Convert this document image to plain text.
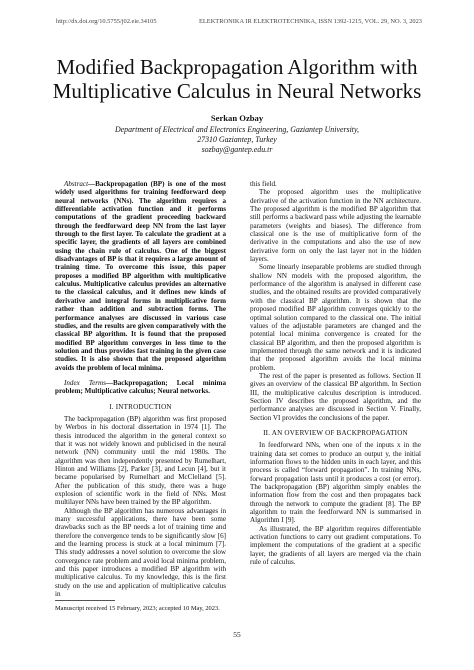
http://dx.doi.org/10.5755/j02.eie.34105	ELEKTRONIKA IR ELEKTROTECHNIKA, ISSN 1392-1215, VOL. 29, NO. 3, 2023
Modified Backpropagation Algorithm with Multiplicative Calculus in Neural Networks
Serkan Ozbay
Department of Electrical and Electronics Engineering, Gaziantep University,
27310 Gaziantep, Turkey
sozbay@gantep.edu.tr

Abstract—Backpropagation (BP) is one of the most widely used algorithms for training feedforward deep neural networks (NNs). The algorithm requires a differentiable activation function and it performs computations of the gradient proceeding backward through the feedforward deep NN from the last layer through to the first layer. To calculate the gradient at a specific layer, the gradients of all layers are combined using the chain rule of calculus. One of the biggest disadvantages of BP is that it requires a large amount of training time. To overcome this issue, this paper proposes a modified BP algorithm with multiplicative calculus. Multiplicative calculus provides an alternative to the classical calculus, and it defines new kinds of derivative and integral forms in multiplicative form rather than addition and subtraction forms. The performance analyses are discussed in various case studies, and the results are given comparatively with the classical BP algorithm. It is found that the proposed modified BP algorithm converges in less time to the solution and thus provides fast training in the given case studies. It is also shown that the proposed algorithm avoids the problem of local minima.

Index Terms—Backpropagation; Local minima problem; Multiplicative calculus; Neural networks.

I. INTRODUCTION

The backpropagation (BP) algorithm was first proposed by Werbos in his doctoral dissertation in 1974 [1]. The thesis introduced the algorithm in the general context so that it was not widely known and publicised in the neural network (NN) community until the mid 1980s. The algorithm was then independently presented by Rumelhart, Hinton and Williams [2], Parker [3], and Lecun [4], but it became popularised by Rumelhart and McClelland [5]. After the publication of this study, there was a huge explosion of scientific work in the field of NNs. Most multilayer NNs have been trained by the BP algorithm.

Although the BP algorithm has numerous advantages in many successful applications, there have been some drawbacks such as the BP needs a lot of training time and therefore the convergence tends to be significantly slow [6] and the learning process is stuck at a local minimum [7]. This study addresses a novel solution to overcome the slow convergence rate problem and avoid local minima problem, and this paper introduces a modified BP algorithm with multiplicative calculus. To my knowledge, this is the first study on the use and application of multiplicative calculus in

this field.

The proposed algorithm uses the multiplicative derivative of the activation function in the NN architecture. The proposed algorithm is the modified BP algorithm that still performs a backward pass while adjusting the learnable parameters (weights and biases). The difference from classical one is the use of multiplicative form of the derivative in the computations and also the use of new derivative form on only the last layer not in the hidden layers.

Some linearly inseparable problems are studied through shallow NN models with the proposed algorithm, the performance of the algorithm is analysed in different case studies, and the obtained results are provided comparatively with the classical BP algorithm. It is shown that the proposed modified BP algorithm converges quickly to the optimal solution compared to the classical one. The initial values of the adjustable parameters are changed and the potential local minima convergence is created for the classical BP algorithm, and then the proposed algorithm is implemented through the same network and it is indicated that the proposed algorithm avoids the local minima problem.

The rest of the paper is presented as follows. Section II gives an overview of the classical BP algorithm. In Section III, the multiplicative calculus description is introduced. Section IV describes the proposed algorithm, and the performance analyses are discussed in Section V. Finally, Section VI provides the conclusions of the paper.

II. AN OVERVIEW OF BACKPROPAGATION

In feedforward NNs, when one of the inputs x in the training data set comes to produce an output y, the initial information flows to the hidden units in each layer, and this process is called “forward propagation”. In training NNs, forward propagation lasts until it produces a cost (or error). The backpropagation (BP) algorithm simply enables the information flow from the cost and then propagates back through the network to compute the gradient [8]. The BP algorithm to train the feedforward NN is summarised in Algorithm I [9].

As illustrated, the BP algorithm requires differentiable activation functions to carry out gradient computations. To implement the computations of the gradient at a specific layer, the gradients of all layers are merged via the chain rule of calculus.

Manuscript received 15 February, 2023; accepted 10 May, 2023.
55
